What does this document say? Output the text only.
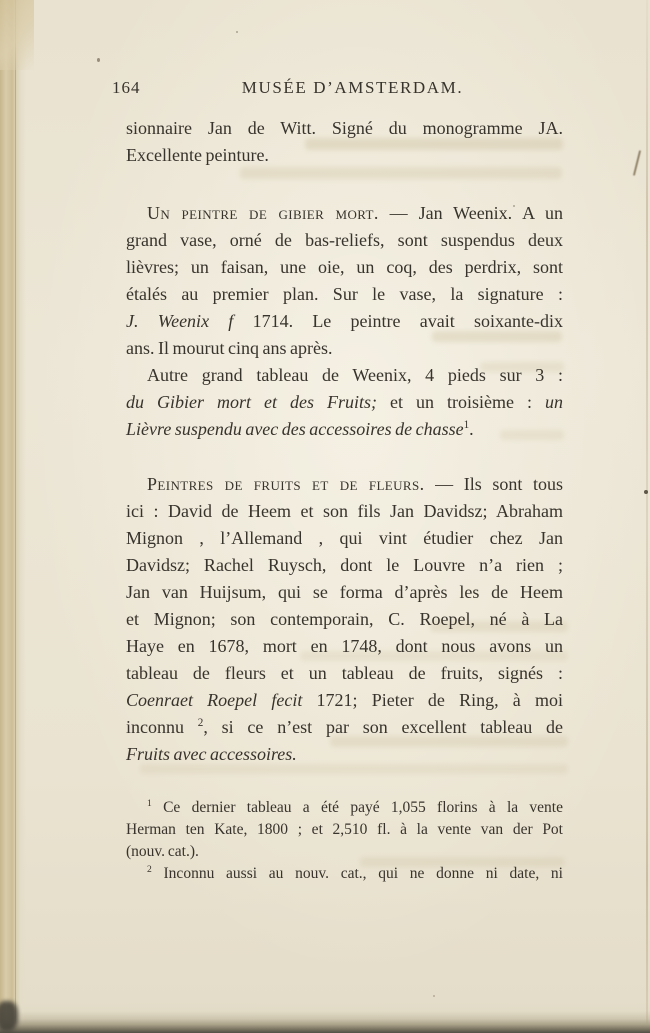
164	MUSÉE D’AMSTERDAM.
sionnaire Jan de Witt. Signé du monogramme JA.
Excellente peinture.
Un peintre de gibier mort. — Jan Weenix. A un
grand vase, orné de bas-reliefs, sont suspendus deux
lièvres; un faisan, une oie, un coq, des perdrix, sont
étalés au premier plan. Sur le vase, la signature :
J. Weenix f 1714. Le peintre avait soixante-dix
ans. Il mourut cinq ans après.
Autre grand tableau de Weenix, 4 pieds sur 3 :
du Gibier mort et des Fruits; et un troisième : un
Lièvre suspendu avec des accessoires de chasse$^1$.
Peintres de fruits et de fleurs. — Ils sont tous
ici : David de Heem et son fils Jan Davidsz; Abraham
Mignon , l’Allemand , qui vint étudier chez Jan
Davidsz; Rachel Ruysch, dont le Louvre n’a rien ;
Jan van Huijsum, qui se forma d’après les de Heem
et Mignon; son contemporain, C. Roepel, né à La
Haye en 1678, mort en 1748, dont nous avons un
tableau de fleurs et un tableau de fruits, signés :
Coenraet Roepel fecit 1721; Pieter de Ring, à moi
inconnu $^2$, si ce n’est par son excellent tableau de
Fruits avec accessoires.
$^1$ Ce dernier tableau a été payé 1,055 florins à la vente
Herman ten Kate, 1800 ; et 2,510 fl. à la vente van der Pot
(nouv. cat.).
$^2$ Inconnu aussi au nouv. cat., qui ne donne ni date, ni
